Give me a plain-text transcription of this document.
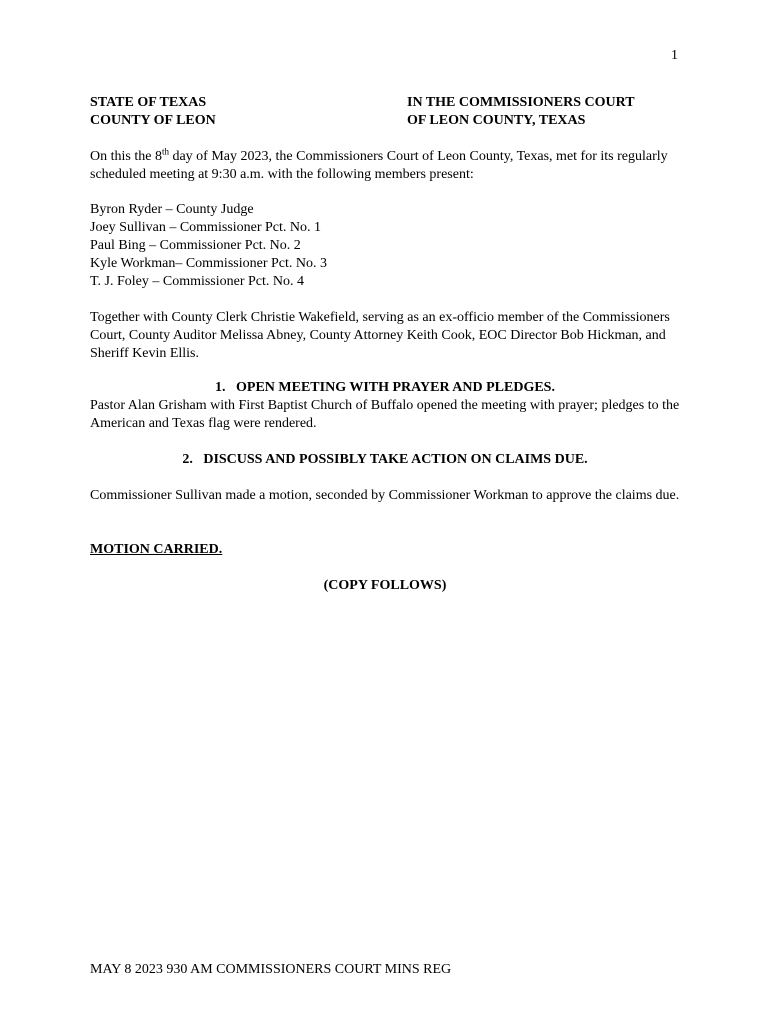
1
STATE OF TEXAS
COUNTY OF LEON
IN THE COMMISSIONERS COURT
OF LEON COUNTY, TEXAS

On this the 8th day of May 2023, the Commissioners Court of Leon County, Texas, met for its regularly scheduled meeting at 9:30 a.m. with the following members present:

Byron Ryder – County Judge
Joey Sullivan – Commissioner Pct. No. 1
Paul Bing – Commissioner Pct. No. 2
Kyle Workman– Commissioner Pct. No. 3
T. J. Foley – Commissioner Pct. No. 4

Together with County Clerk Christie Wakefield, serving as an ex-officio member of the Commissioners Court, County Auditor Melissa Abney, County Attorney Keith Cook, EOC Director Bob Hickman, and Sheriff Kevin Ellis.

1.   OPEN MEETING WITH PRAYER AND PLEDGES.

Pastor Alan Grisham with First Baptist Church of Buffalo opened the meeting with prayer; pledges to the American and Texas flag were rendered.

2.   DISCUSS AND POSSIBLY TAKE ACTION ON CLAIMS DUE.

Commissioner Sullivan made a motion, seconded by Commissioner Workman to approve the claims due.

MOTION CARRIED.
(COPY FOLLOWS)
MAY 8 2023 930 AM COMMISSIONERS COURT MINS REG
